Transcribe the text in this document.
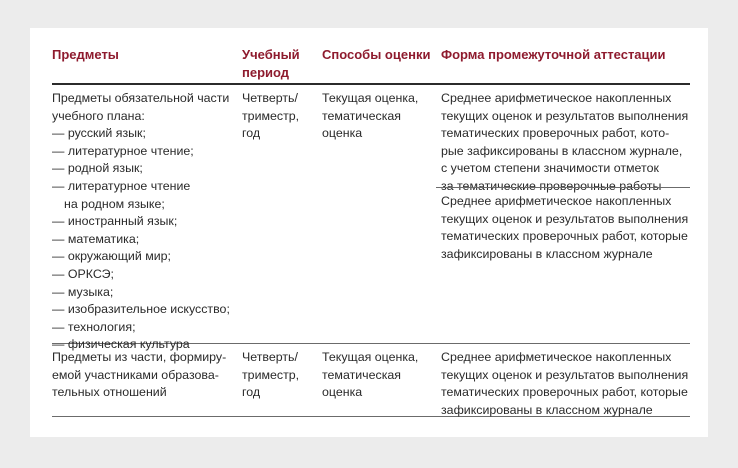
Предметы	Учебный
период
Способы оценки Форма промежуточной аттестации
Предметы обязательной части
учебного плана:
— русский язык;
— литературное чтение;
— родной язык;
— литературное чтение
на родном языке;
— иностранный язык;
— математика;
— окружающий мир;
— ОРКСЭ;
— музыка;
— изобразительное искусство;
— технология;
— физическая культура
Четверть/
триместр,
год
Текущая оценка,
тематическая
оценка
Среднее арифметическое накопленных
текущих оценок и результатов выполнения
тематических проверочных работ, кото-
рые зафиксированы в классном журнале,
с учетом степени значимости отметок
за тематические проверочные работы
Среднее арифметическое накопленных
текущих оценок и результатов выполнения
тематических проверочных работ, которые
зафиксированы в классном журнале
Предметы из части, формиру-
емой участниками образова-
тельных отношений
Четверть/
триместр,
год
Текущая оценка,
тематическая
оценка
Среднее арифметическое накопленных
текущих оценок и результатов выполнения
тематических проверочных работ, которые
зафиксированы в классном журнале
